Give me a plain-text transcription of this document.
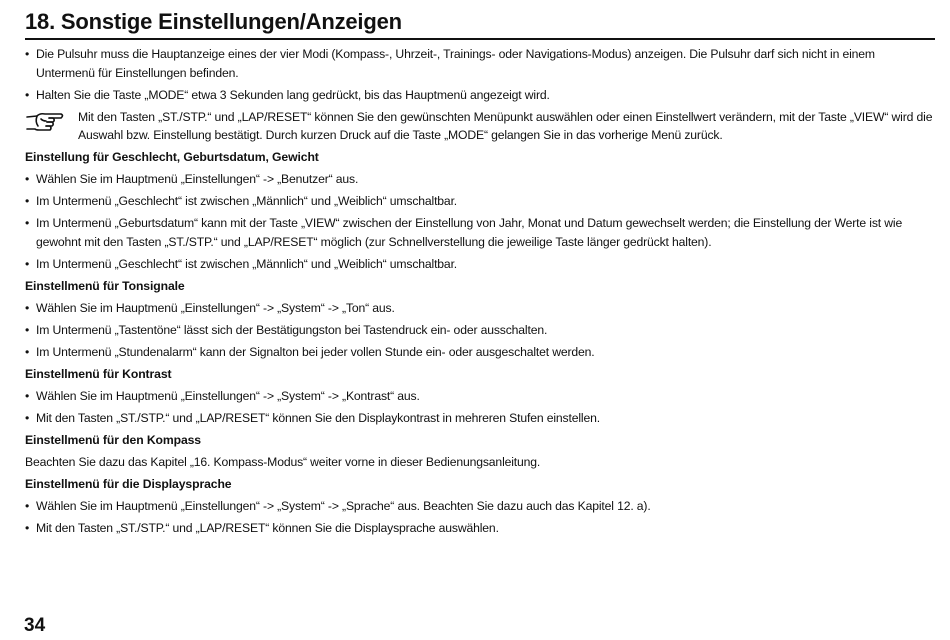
18. Sonstige Einstellungen/Anzeigen
• Die Pulsuhr muss die Hauptanzeige eines der vier Modi (Kompass-, Uhrzeit-, Trainings- oder Navigations-Modus) anzeigen. Die Pulsuhr darf sich nicht in einem Untermenü für Einstellungen befinden.
• Halten Sie die Taste „MODE“ etwa 3 Sekunden lang gedrückt, bis das Hauptmenü angezeigt wird.
Mit den Tasten „ST./STP.“ und „LAP/RESET“ können Sie den gewünschten Menüpunkt auswählen oder einen Einstellwert verändern, mit der Taste „VIEW“ wird die Auswahl bzw. Einstellung bestätigt. Durch kurzen Druck auf die Taste „MODE“ gelangen Sie in das vorherige Menü zurück.
Einstellung für Geschlecht, Geburtsdatum, Gewicht
• Wählen Sie im Hauptmenü „Einstellungen“ -> „Benutzer“ aus.
• Im Untermenü „Geschlecht“ ist zwischen „Männlich“ und „Weiblich“ umschaltbar.
• Im Untermenü „Geburtsdatum“ kann mit der Taste „VIEW“ zwischen der Einstellung von Jahr, Monat und Datum gewechselt werden; die Einstellung der Werte ist wie gewohnt mit den Tasten „ST./STP.“ und „LAP/RESET“ möglich (zur Schnellverstellung die jeweilige Taste länger gedrückt halten).
• Im Untermenü „Geschlecht“ ist zwischen „Männlich“ und „Weiblich“ umschaltbar.
Einstellmenü für Tonsignale
• Wählen Sie im Hauptmenü „Einstellungen“ -> „System“ -> „Ton“ aus.
• Im Untermenü „Tastentöne“ lässt sich der Bestätigungston bei Tastendruck ein- oder ausschalten.
• Im Untermenü „Stundenalarm“ kann der Signalton bei jeder vollen Stunde ein- oder ausgeschaltet werden.
Einstellmenü für Kontrast
• Wählen Sie im Hauptmenü „Einstellungen“ -> „System“ -> „Kontrast“ aus.
• Mit den Tasten „ST./STP.“ und „LAP/RESET“ können Sie den Displaykontrast in mehreren Stufen einstellen.
Einstellmenü für den Kompass
Beachten Sie dazu das Kapitel „16. Kompass-Modus“ weiter vorne in dieser Bedienungsanleitung.
Einstellmenü für die Displaysprache
• Wählen Sie im Hauptmenü „Einstellungen“ -> „System“ -> „Sprache“ aus. Beachten Sie dazu auch das Kapitel 12. a).
• Mit den Tasten „ST./STP.“ und „LAP/RESET“ können Sie die Displaysprache auswählen.
34
